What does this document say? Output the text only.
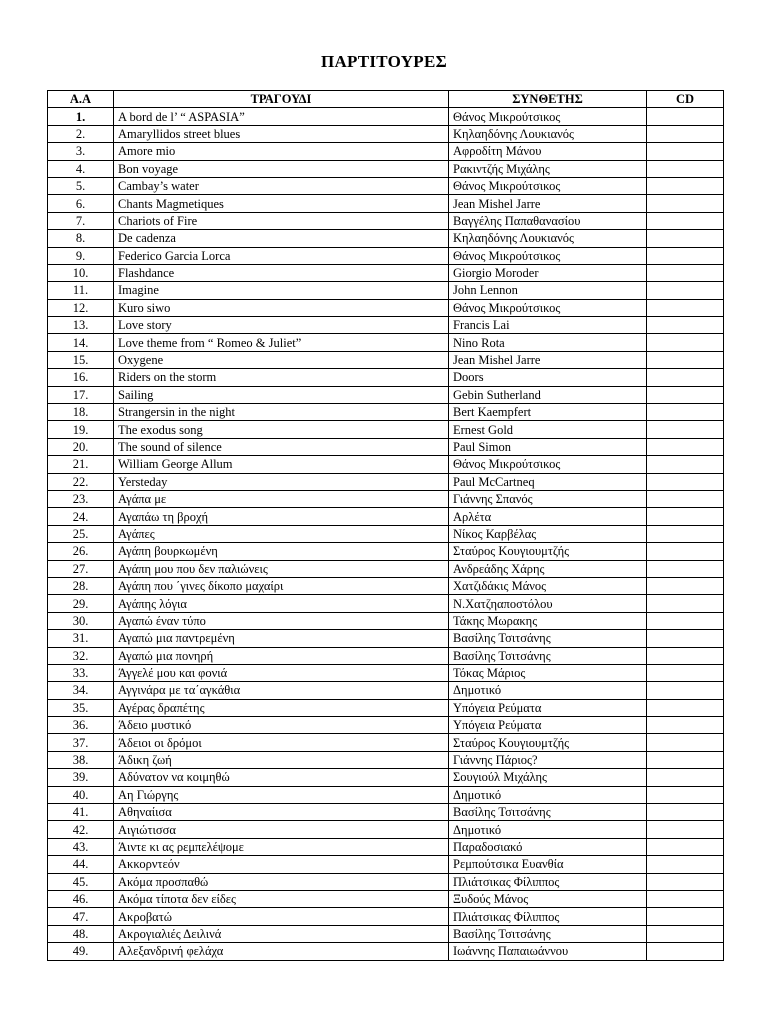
ΠΑΡΤΙΤΟΥΡΕΣ
Α.Α	ΤΡΑΓΟΥΔΙ	ΣΥΝΘΕΤΗΣ	CD
1.	A bord de l’ “ ASPASIA”	Θάνος Μικρούτσικος	
2.	Amaryllidos street blues	Κηλαηδόνης Λουκιανός	
3.	Amore mio	Αφροδίτη Μάνου	
4.	Bon voyage	Ρακιντζής Μιχάλης	
5.	Cambay’s water	Θάνος Μικρούτσικος	
6.	Chants Magmetiques	Jean Mishel Jarre	
7.	Chariots of Fire	Βαγγέλης Παπαθανασίου	
8.	De cadenza	Κηλαηδόνης Λουκιανός	
9.	Federico Garcia Lorca	Θάνος Μικρούτσικος	
10.	Flashdance	Giorgio Moroder	
11.	Imagine	John Lennon	
12.	Kuro siwo	Θάνος Μικρούτσικος	
13.	Love story	Francis Lai	
14.	Love theme from “ Romeo & Juliet”	Nino Rota	
15.	Oxygene	Jean Mishel Jarre	
16.	Riders on the storm	Doors	
17.	Sailing	Gebin Sutherland	
18.	Strangersin in the night	Bert Kaempfert	
19.	The exodus song	Ernest Gold	
20.	The sound of silence	Paul Simon	
21.	William George Allum	Θάνος Μικρούτσικος	
22.	Yersteday	Paul McCartneq	
23.	Αγάπα με	Γιάννης Σπανός	
24.	Αγαπάω τη βροχή	Αρλέτα	
25.	Αγάπες	Νίκος Καρβέλας	
26.	Αγάπη βουρκωμένη	Σταύρος Κουγιουμτζής	
27.	Αγάπη μου που δεν παλιώνεις	Ανδρεάδης Χάρης	
28.	Αγάπη που ΄γινες δίκοπο μαχαίρι	Χατζιδάκις Μάνος	
29.	Αγάπης λόγια	Ν.Χατζηαποστόλου	
30.	Αγαπώ έναν τύπο	Τάκης Μωρακης	
31.	Αγαπώ μια παντρεμένη	Βασίλης Τσιτσάνης	
32.	Αγαπώ μια πονηρή	Βασίλης Τσιτσάνης	
33.	Άγγελέ μου και φονιά	Τόκας Μάριος	
34.	Αγγινάρα με τα΄αγκάθια	Δημοτικό	
35.	Αγέρας δραπέτης	Υπόγεια Ρεύματα	
36.	Άδειο μυστικό	Υπόγεια Ρεύματα	
37.	Άδειοι οι δρόμοι	Σταύρος Κουγιουμτζής	
38.	Άδικη ζωή	Γιάννης Πάριος?	
39.	Αδύνατον να κοιμηθώ	Σουγιούλ Μιχάλης	
40.	Αη Γιώργης	Δημοτικό	
41.	Αθηναίισα	Βασίλης Τσιτσάνης	
42.	Αιγιώτισσα	Δημοτικό	
43.	Άιντε κι ας ρεμπελέψομε	Παραδοσιακό	
44.	Ακκορντεόν	Ρεμπούτσικα Ευανθία	
45.	Ακόμα προσπαθώ	Πλιάτσικας Φίλιππος	
46.	Ακόμα τίποτα δεν είδες	Ξυδούς Μάνος	
47.	Ακροβατώ	Πλιάτσικας Φίλιππος	
48.	Ακρογιαλιές Δειλινά	Βασίλης Τσιτσάνης	
49.	Αλεξανδρινή φελάχα	Ιωάννης Παπαιωάννου	
